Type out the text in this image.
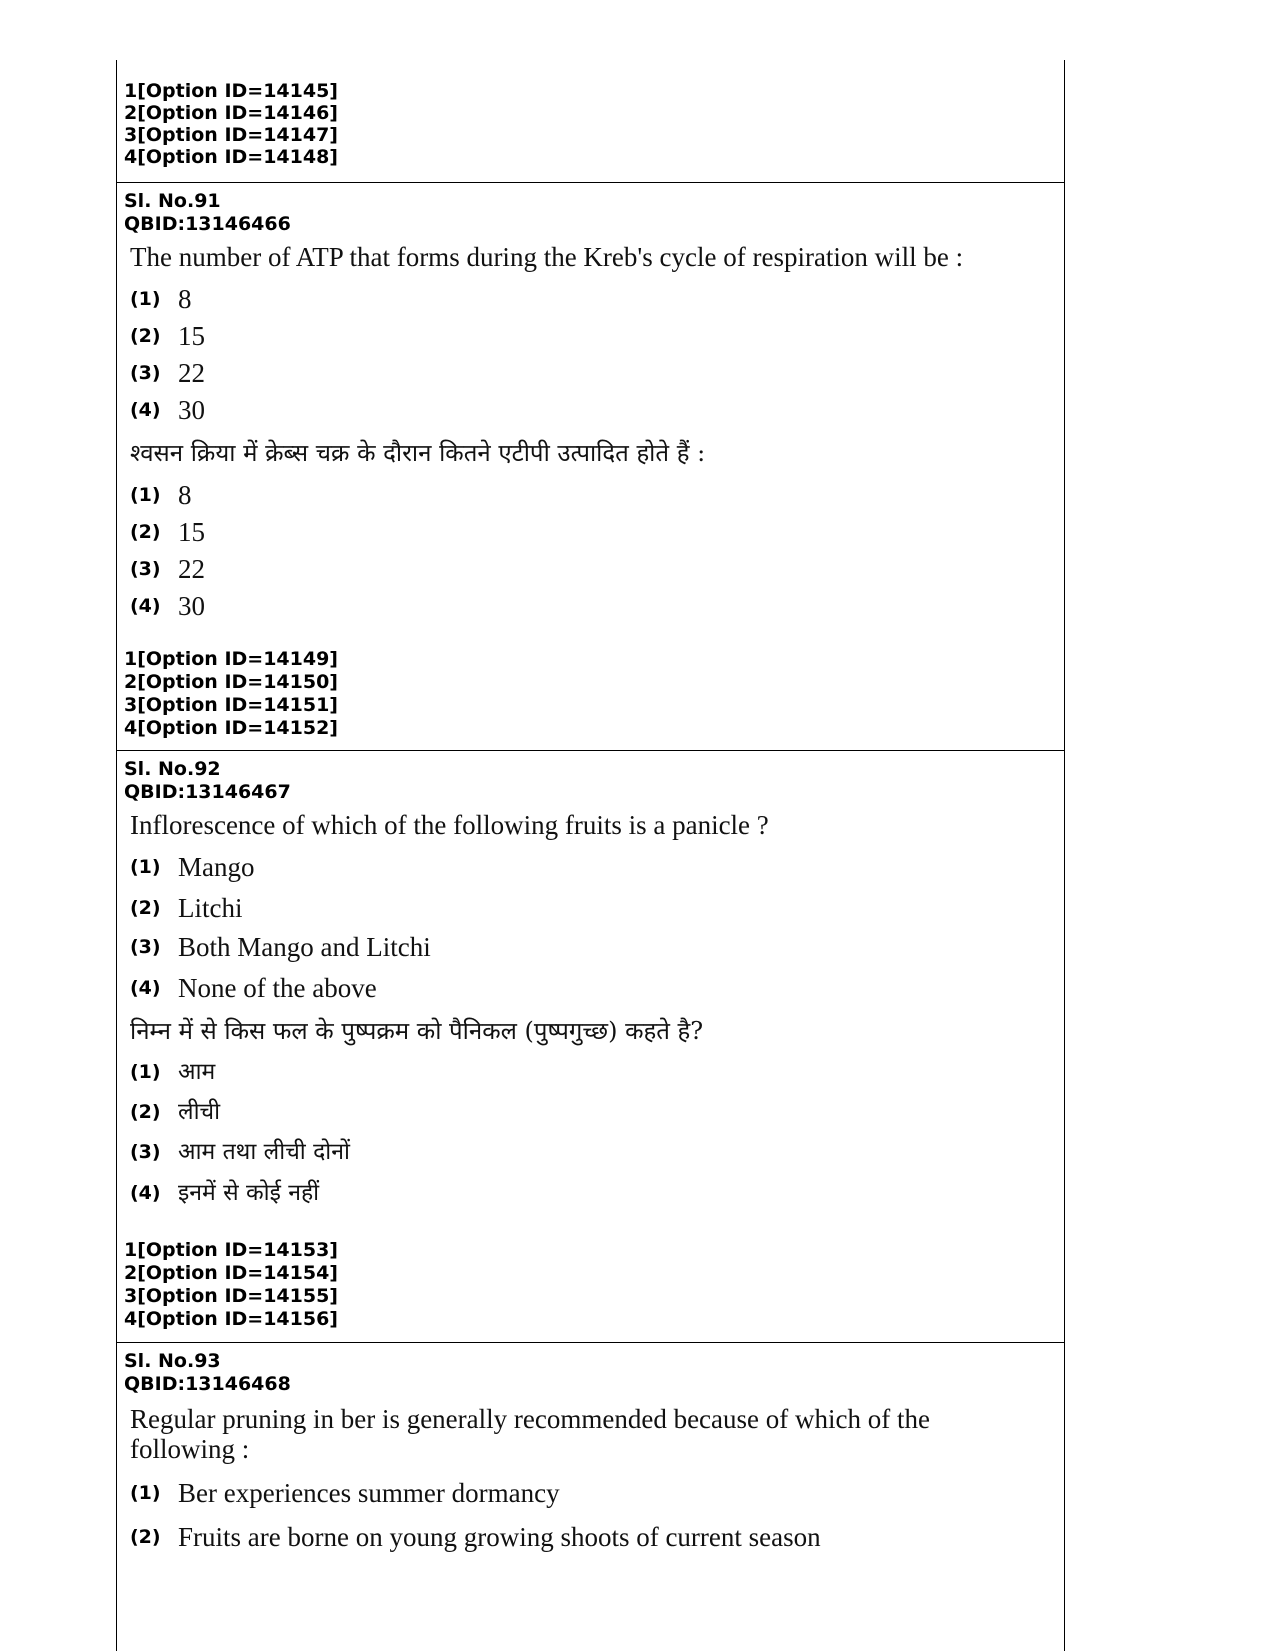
1[Option ID=14145]
2[Option ID=14146]
3[Option ID=14147]
4[Option ID=14148]
Sl. No.91
QBID:13146466
The number of ATP that forms during the Kreb's cycle of respiration will be :
(1) 8
(2) 15
(3) 22
(4) 30
श्वसन क्रिया में क्रेब्स चक्र के दौरान कितने एटीपी उत्पादित होते हैं :
(1) 8
(2) 15
(3) 22
(4) 30
1[Option ID=14149]
2[Option ID=14150]
3[Option ID=14151]
4[Option ID=14152]
Sl. No.92
QBID:13146467
Inflorescence of which of the following fruits is a panicle ?
(1) Mango
(2) Litchi
(3) Both Mango and Litchi
(4) None of the above
निम्न में से किस फल के पुष्पक्रम को पैनिकल (पुष्पगुच्छ) कहते है?
(1) आम
(2) लीची
(3) आम तथा लीची दोनों
(4) इनमें से कोई नहीं
1[Option ID=14153]
2[Option ID=14154]
3[Option ID=14155]
4[Option ID=14156]
Sl. No.93
QBID:13146468
Regular pruning in ber is generally recommended because of which of the
following :
(1) Ber experiences summer dormancy
(2) Fruits are borne on young growing shoots of current season
